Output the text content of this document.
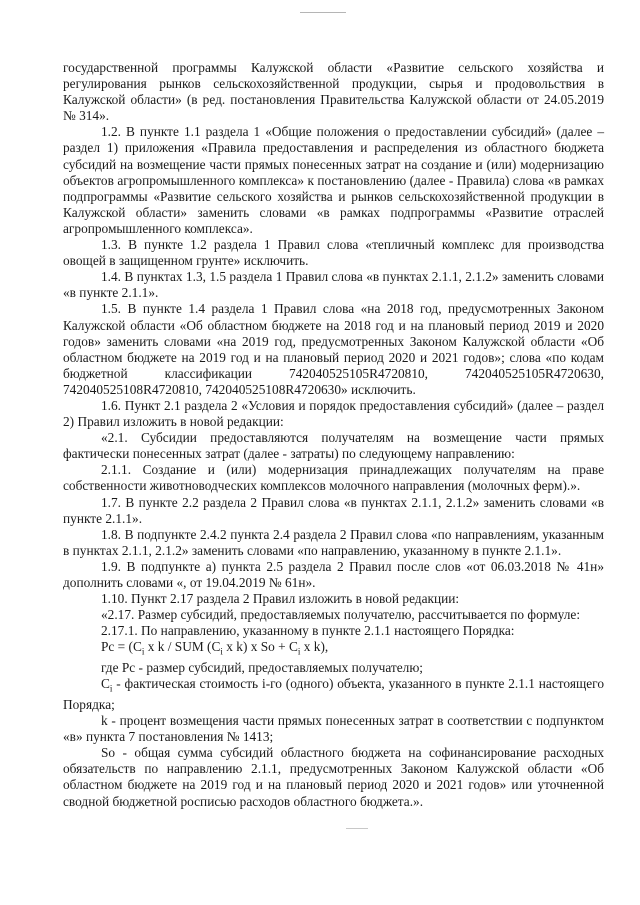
государственной программы Калужской области «Развитие сельского хозяйства и регулирования рынков сельскохозяйственной продукции, сырья и продовольствия в Калужской области» (в ред. постановления Правительства Калужской области от 24.05.2019 № 314».

1.2. В пункте 1.1 раздела 1 «Общие положения о предоставлении субсидий» (далее – раздел 1) приложения «Правила предоставления и распределения из областного бюджета субсидий на возмещение части прямых понесенных затрат на создание и (или) модернизацию объектов агропромышленного комплекса» к постановлению (далее - Правила) слова «в рамках подпрограммы «Развитие сельского хозяйства и рынков сельскохозяйственной продукции в Калужской области» заменить словами «в рамках подпрограммы «Развитие отраслей агропромышленного комплекса».

1.3. В пункте 1.2 раздела 1 Правил слова «тепличный комплекс для производства овощей в защищенном грунте» исключить.

1.4. В пунктах 1.3, 1.5 раздела 1 Правил слова «в пунктах 2.1.1, 2.1.2» заменить словами «в пункте 2.1.1».

1.5. В пункте 1.4 раздела 1 Правил слова «на 2018 год, предусмотренных Законом Калужской области «Об областном бюджете на 2018 год и на плановый период 2019 и 2020 годов» заменить словами «на 2019 год, предусмотренных Законом Калужской области «Об областном бюджете на 2019 год и на плановый период 2020 и 2021 годов»; слова «по кодам бюджетной классификации 742040525105R4720810, 742040525105R4720630, 742040525108R4720810, 742040525108R4720630» исключить.

1.6. Пункт 2.1 раздела 2 «Условия и порядок предоставления субсидий» (далее – раздел 2) Правил изложить в новой редакции:

«2.1. Субсидии предоставляются получателям на возмещение части прямых фактически понесенных затрат (далее - затраты) по следующему направлению:

2.1.1. Создание и (или) модернизация принадлежащих получателям на праве собственности животноводческих комплексов молочного направления (молочных ферм).».

1.7. В пункте 2.2 раздела 2 Правил слова «в пунктах 2.1.1, 2.1.2» заменить словами «в пункте 2.1.1».

1.8. В подпункте 2.4.2 пункта 2.4 раздела 2 Правил слова «по направлениям, указанным в пунктах 2.1.1, 2.1.2» заменить словами «по направлению, указанному в пункте 2.1.1».

1.9. В подпункте а) пункта 2.5 раздела 2 Правил после слов «от 06.03.2018 № 41н» дополнить словами «, от 19.04.2019 № 61н».

1.10. Пункт 2.17 раздела 2 Правил изложить в новой редакции:

«2.17. Размер субсидий, предоставляемых получателю, рассчитывается по формуле:

2.17.1. По направлению, указанному в пункте 2.1.1 настоящего Порядка:

$Pc = (C_i$ x k / SUM ($C_i$ x k) x $So + C_i$ x k),

где Pc - размер субсидий, предоставляемых получателю;

$C_i$ - фактическая стоимость i-го (одного) объекта, указанного в пункте 2.1.1 настоящего Порядка;

k - процент возмещения части прямых понесенных затрат в соответствии с подпунктом «в» пункта 7 постановления № 1413;

So - общая сумма субсидий областного бюджета на софинансирование расходных обязательств по направлению 2.1.1, предусмотренных Законом Калужской области «Об областном бюджете на 2019 год и на плановый период 2020 и 2021 годов» или уточненной сводной бюджетной росписью расходов областного бюджета.».
